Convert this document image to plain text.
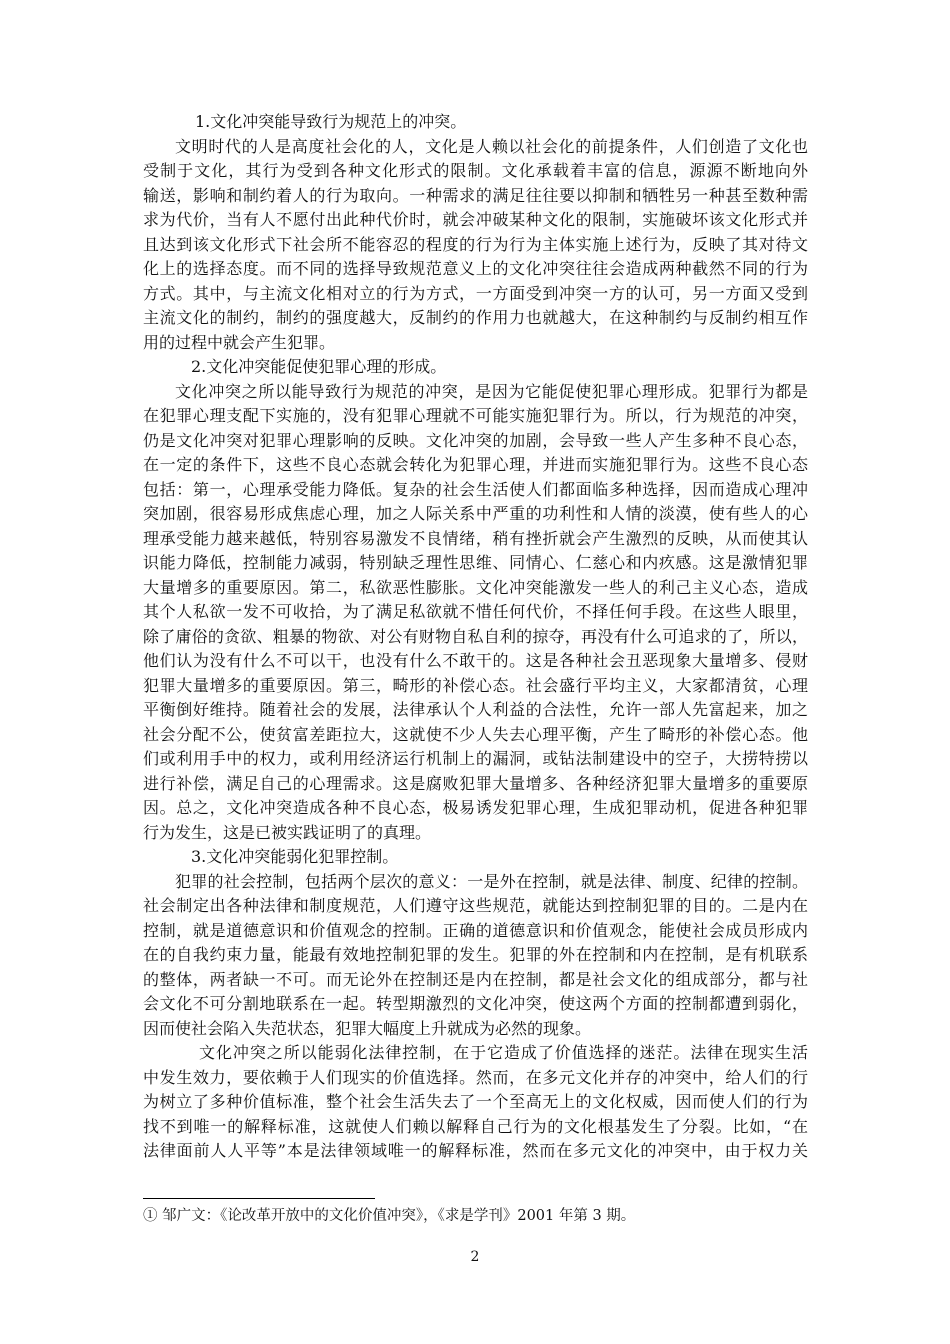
1.文化冲突能导致行为规范上的冲突。

文明时代的人是高度社会化的人，文化是人赖以社会化的前提条件，人们创造了文化也

受制于文化，其行为受到各种文化形式的限制。文化承载着丰富的信息，源源不断地向外

输送，影响和制约着人的行为取向。一种需求的满足往往要以抑制和牺牲另一种甚至数种需

求为代价，当有人不愿付出此种代价时，就会冲破某种文化的限制，实施破坏该文化形式并

且达到该文化形式下社会所不能容忍的程度的行为行为主体实施上述行为，反映了其对待文

化上的选择态度。而不同的选择导致规范意义上的文化冲突往往会造成两种截然不同的行为

方式。其中，与主流文化相对立的行为方式，一方面受到冲突一方的认可，另一方面又受到

主流文化的制约，制约的强度越大，反制约的作用力也就越大，在这种制约与反制约相互作

用的过程中就会产生犯罪。

2.文化冲突能促使犯罪心理的形成。

文化冲突之所以能导致行为规范的冲突，是因为它能促使犯罪心理形成。犯罪行为都是

在犯罪心理支配下实施的，没有犯罪心理就不可能实施犯罪行为。所以，行为规范的冲突，

仍是文化冲突对犯罪心理影响的反映。文化冲突的加剧，会导致一些人产生多种不良心态，

在一定的条件下，这些不良心态就会转化为犯罪心理，并进而实施犯罪行为。这些不良心态

包括：第一，心理承受能力降低。复杂的社会生活使人们都面临多种选择，因而造成心理冲

突加剧，很容易形成焦虑心理，加之人际关系中严重的功利性和人情的淡漠，使有些人的心

理承受能力越来越低，特别容易激发不良情绪，稍有挫折就会产生激烈的反映，从而使其认

识能力降低，控制能力减弱，特别缺乏理性思维、同情心、仁慈心和内疚感。这是激情犯罪

大量增多的重要原因。第二，私欲恶性膨胀。文化冲突能激发一些人的利己主义心态，造成

其个人私欲一发不可收拾，为了满足私欲就不惜任何代价，不择任何手段。在这些人眼里，

除了庸俗的贪欲、粗暴的物欲、对公有财物自私自利的掠夺，再没有什么可追求的了，所以，

他们认为没有什么不可以干，也没有什么不敢干的。这是各种社会丑恶现象大量增多、侵财

犯罪大量增多的重要原因。第三，畸形的补偿心态。社会盛行平均主义，大家都清贫，心理

平衡倒好维持。随着社会的发展，法律承认个人利益的合法性，允许一部人先富起来，加之

社会分配不公，使贫富差距拉大，这就使不少人失去心理平衡，产生了畸形的补偿心态。他

们或利用手中的权力，或利用经济运行机制上的漏洞，或钻法制建设中的空子，大捞特捞以

进行补偿，满足自己的心理需求。这是腐败犯罪大量增多、各种经济犯罪大量增多的重要原

因。总之，文化冲突造成各种不良心态，极易诱发犯罪心理，生成犯罪动机，促进各种犯罪

行为发生，这是已被实践证明了的真理。

3.文化冲突能弱化犯罪控制。

犯罪的社会控制，包括两个层次的意义：一是外在控制，就是法律、制度、纪律的控制。

社会制定出各种法律和制度规范，人们遵守这些规范，就能达到控制犯罪的目的。二是内在

控制，就是道德意识和价值观念的控制。正确的道德意识和价值观念，能使社会成员形成内

在的自我约束力量，能最有效地控制犯罪的发生。犯罪的外在控制和内在控制，是有机联系

的整体，两者缺一不可。而无论外在控制还是内在控制，都是社会文化的组成部分，都与社

会文化不可分割地联系在一起。转型期激烈的文化冲突，使这两个方面的控制都遭到弱化，

因而使社会陷入失范状态，犯罪大幅度上升就成为必然的现象。

文化冲突之所以能弱化法律控制，在于它造成了价值选择的迷茫。法律在现实生活

中发生效力，要依赖于人们现实的价值选择。然而，在多元文化并存的冲突中，给人们的行

为树立了多种价值标准，整个社会生活失去了一个至高无上的文化权威，因而使人们的行为

找不到唯一的解释标准，这就使人们赖以解释自己行为的文化根基发生了分裂。比如，“在

法律面前人人平等”本是法律领域唯一的解释标准，然而在多元文化的冲突中，由于权力关

① 邹广文：《论改革开放中的文化价值冲突》，《求是学刊》2001 年第 3 期。
2
